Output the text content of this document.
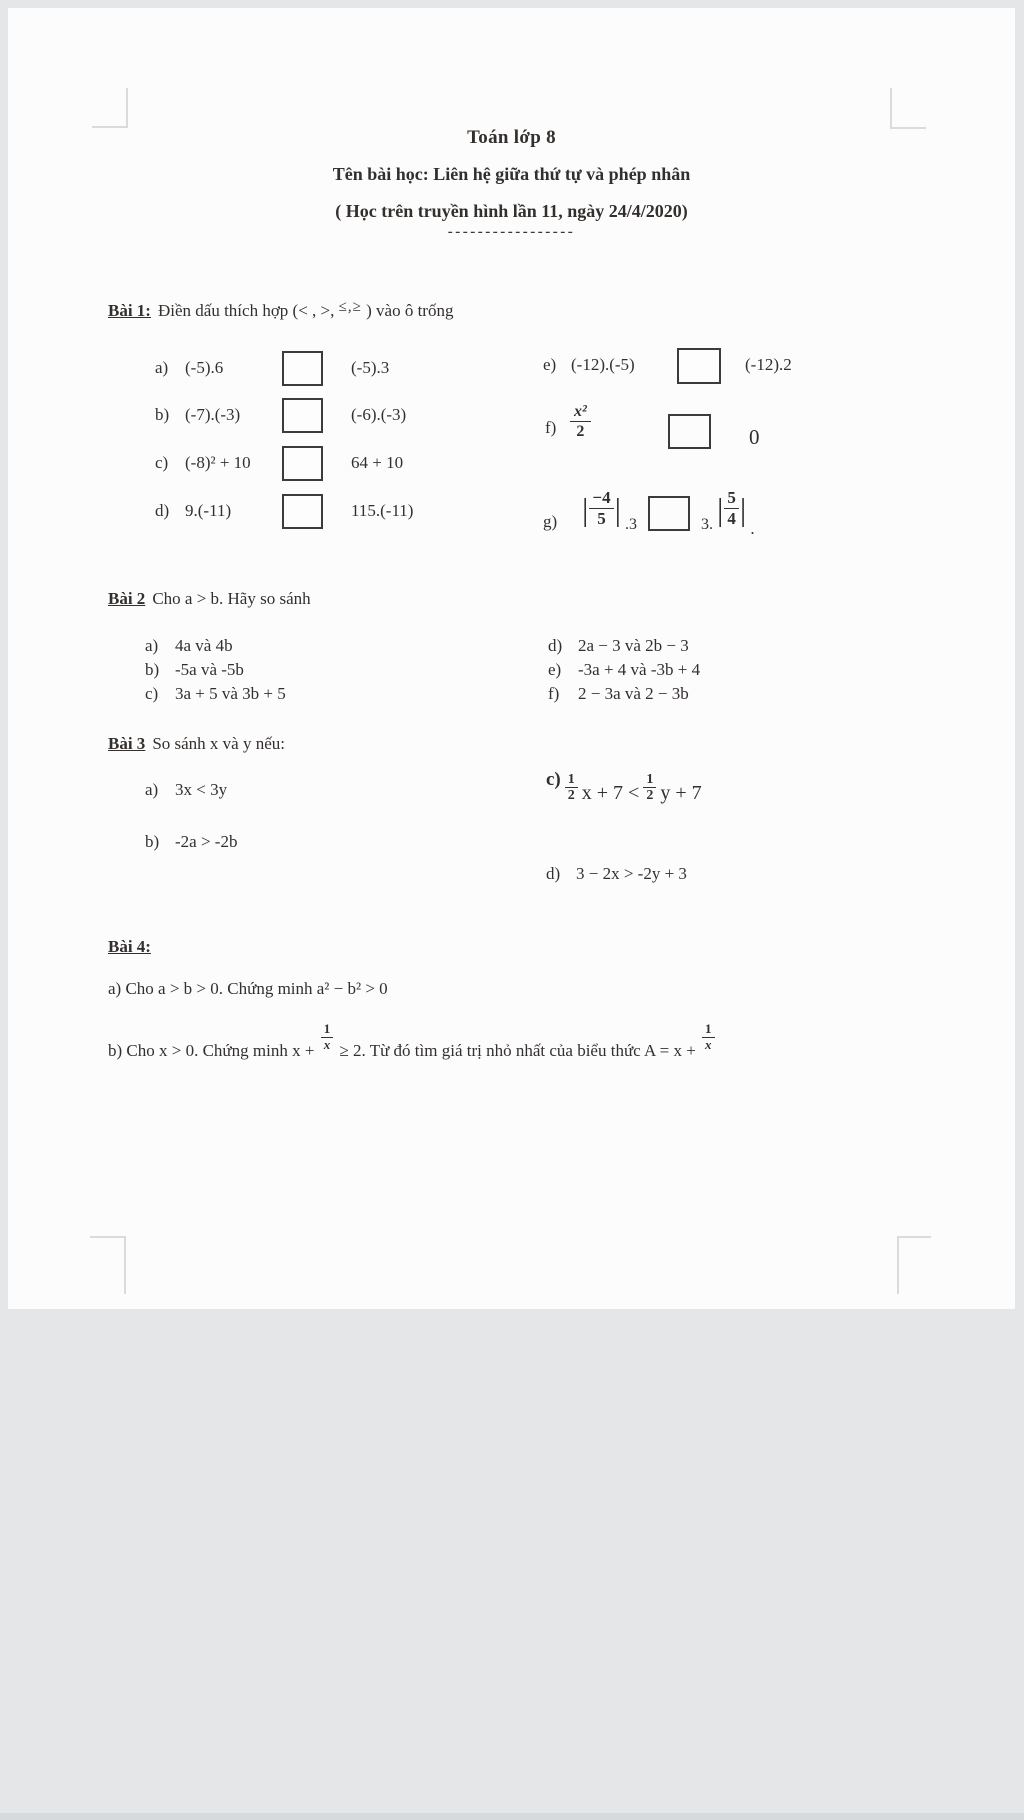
Toán lớp 8
Tên bài học: Liên hệ giữa thứ tự và phép nhân
( Học trên truyền hình lần 11, ngày 24/4/2020)
-----------------
Bài 1: Điền dấu thích hợp (< , >, ≤,≥ ) vào ô trống
a) (-5).6	(-5).3
b) (-7).(-3)	(-6).(-3)
c) (-8)² + 10	64 + 10
d) 9.(-11)	115.(-11)
e) (-12).(-5)	(-12).2
$f) \frac{\text{x²}}{2}$	0
g) | $\frac{-4}{5}$ | .3	3. | $\frac{5}{4}$ |
.
Bài 2 Cho a > b. Hãy so sánh
a) 4a và 4b
b) -5a và -5b
c) 3a + 5 và 3b + 5
d) 2a − 3 và 2b − 3
e) -3a + 4 và -3b + 4
f) 2 − 3a và 2 − 3b
Bài 3 So sánh x và y nếu:
a) 3x < 3y
b) -2a > -2b
$c) \frac{1}{2}$ $x + 7 < \frac{1}{2}$ y + 7
d) 3 − 2x > -2y + 3
Bài 4:
a) Cho a > b > 0. Chứng minh a² − b² > 0
b) Cho x > 0. Chứng minh $x + \frac{1}{x} \ge 2$. Từ đó tìm giá trị nhỏ nhất của biểu thức $A = x + \frac{1}{x}$
